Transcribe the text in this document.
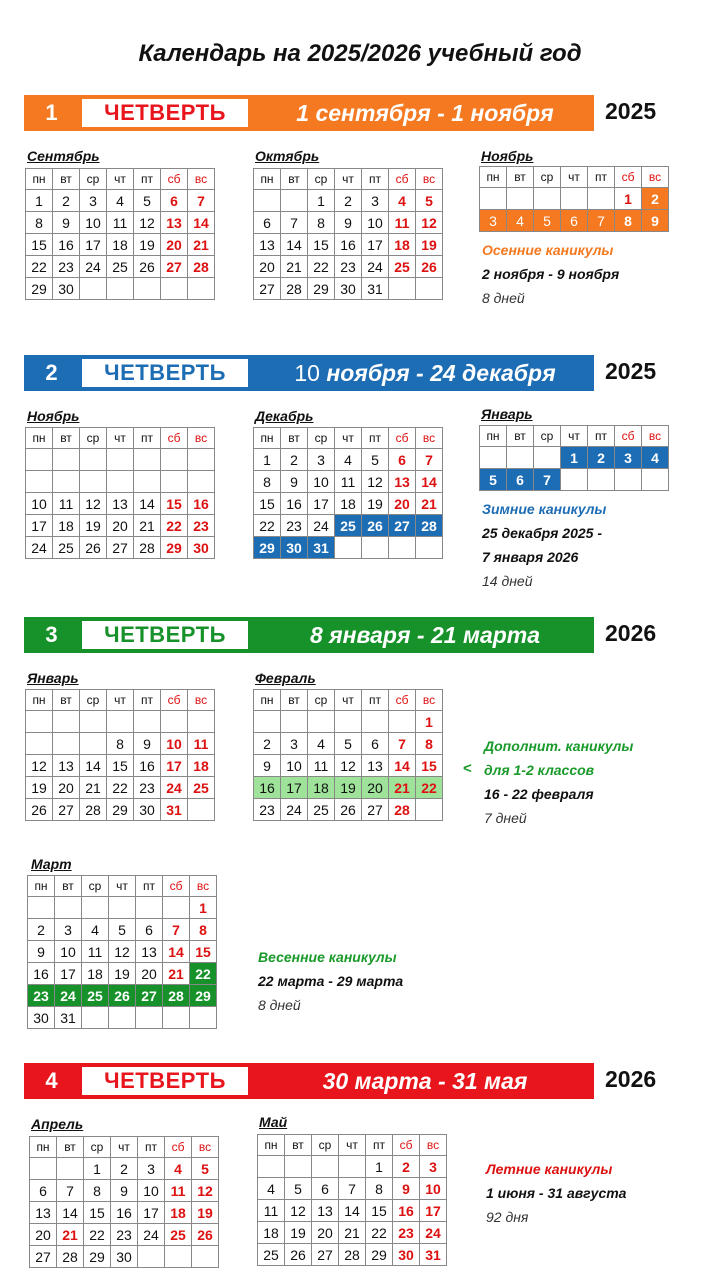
Календарь на 2025/2026 учебный год
1	ЧЕТВЕРТЬ	1 сентября - 1 ноября	2025
2	ЧЕТВЕРТЬ	10 ноября - 24 декабря	2025
3	ЧЕТВЕРТЬ	8 января - 21 марта	2026
4	ЧЕТВЕРТЬ	30 марта - 31 мая	2026
Сентябрь
пн	вт	ср	чт	пт	сб	вс
1	2	3	4	5	6	7
8	9	10	11	12	13	14
15	16	17	18	19	20	21
22	23	24	25	26	27	28
29	30					
Октябрь
пн	вт	ср	чт	пт	сб	вс
		1	2	3	4	5
6	7	8	9	10	11	12
13	14	15	16	17	18	19
20	21	22	23	24	25	26
27	28	29	30	31		
Ноябрь
пн	вт	ср	чт	пт	сб	вс
					1	2
3	4	5	6	7	8	9
Осенние каникулы
2 ноября - 9 ноября
8 дней
Ноябрь
пн	вт	ср	чт	пт	сб	вс

10	11	12	13	14	15	16
17	18	19	20	21	22	23
24	25	26	27	28	29	30
Декабрь
пн	вт	ср	чт	пт	сб	вс
1	2	3	4	5	6	7
8	9	10	11	12	13	14
15	16	17	18	19	20	21
22	23	24	25	26	27	28
29	30	31				
Январь
пн	вт	ср	чт	пт	сб	вс
			1	2	3	4
5	6	7				
Зимние каникулы
25 декабря 2025 -
7 января 2026
14 дней
Январь
пн	вт	ср	чт	пт	сб	вс

			8	9	10	11
12	13	14	15	16	17	18
19	20	21	22	23	24	25
26	27	28	29	30	31	
Февраль
пн	вт	ср	чт	пт	сб	вс
						1
2	3	4	5	6	7	8
9	10	11	12	13	14	15
16	17	18	19	20	21	22
23	24	25	26	27	28	
<
Дополнит. каникулы
для 1-2 классов
16 - 22 февраля
7 дней
Март
пн	вт	ср	чт	пт	сб	вс
						1
2	3	4	5	6	7	8
9	10	11	12	13	14	15
16	17	18	19	20	21	22
23	24	25	26	27	28	29
30	31					
Весенние каникулы
22 марта - 29 марта
8 дней
Апрель
пн	вт	ср	чт	пт	сб	вс
		1	2	3	4	5
6	7	8	9	10	11	12
13	14	15	16	17	18	19
20	21	22	23	24	25	26
27	28	29	30			
Май
пн	вт	ср	чт	пт	сб	вс
				1	2	3
4	5	6	7	8	9	10
11	12	13	14	15	16	17
18	19	20	21	22	23	24
25	26	27	28	29	30	31
Летние каникулы
1 июня - 31 августа
92 дня
